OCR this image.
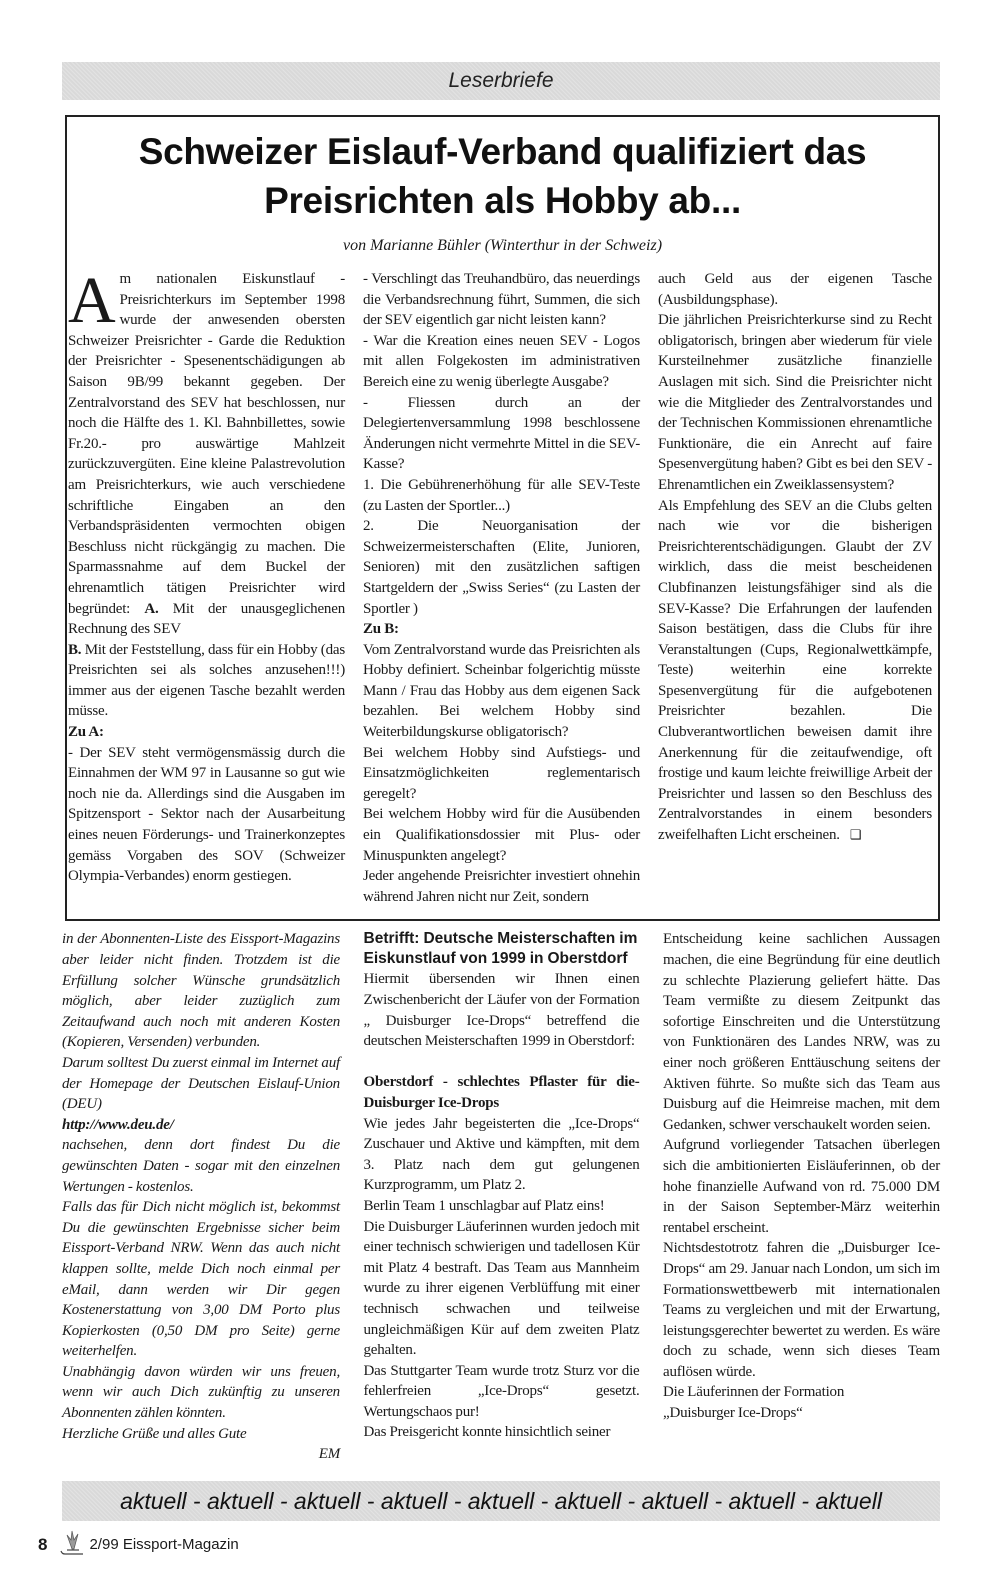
Leserbriefe
Schweizer Eislauf-Verband qualifiziert das
Preisrichten als Hobby ab...
von Marianne Bühler (Winterthur in der Schweiz)

Am nationalen Eiskunstlauf - Preisrichterkurs im September 1998 wurde der anwesenden obersten Schweizer Preisrichter - Garde die Reduktion der Preisrichter - Spesenentschädigungen ab Saison 9B/99 bekannt gegeben. Der Zentralvorstand des SEV hat beschlossen, nur noch die Hälfte des 1. Kl. Bahnbillettes, sowie Fr.20.- pro auswärtige Mahlzeit zurückzuvergüten. Eine kleine Palastrevolution am Preisrichterkurs, wie auch verschiedene schriftliche Eingaben an den Verbandspräsidenten vermochten obigen Beschluss nicht rückgängig zu machen. Die Sparmassnahme auf dem Buckel der ehrenamtlich tätigen Preisrichter wird begründet: A. Mit der unausgeglichenen Rechnung des SEV

B. Mit der Feststellung, dass für ein Hobby (das Preisrichten sei als solches anzusehen!!!) immer aus der eigenen Tasche bezahlt werden müsse.

Zu A:

- Der SEV steht vermögensmässig durch die Einnahmen der WM 97 in Lausanne so gut wie noch nie da. Allerdings sind die Ausgaben im Spitzensport - Sektor nach der Ausarbeitung eines neuen Förderungs- und Trainerkonzeptes gemäss Vorgaben des SOV (Schweizer Olympia-Verbandes) enorm gestiegen.

- Verschlingt das Treuhandbüro, das neuerdings die Verbandsrechnung führt, Summen, die sich der SEV eigentlich gar nicht leisten kann?

- War die Kreation eines neuen SEV - Logos mit allen Folgekosten im administrativen Bereich eine zu wenig überlegte Ausgabe?

- Fliessen durch an der Delegiertenversammlung 1998 beschlossene Änderungen nicht vermehrte Mittel in die SEV-Kasse?

1. Die Gebührenerhöhung für alle SEV-Teste (zu Lasten der Sportler...)

2. Die Neuorganisation der Schweizermeisterschaften (Elite, Junioren, Senioren) mit den zusätzlichen saftigen Startgeldern der „Swiss Series“ (zu Lasten der Sportler )

Zu B:

Vom Zentralvorstand wurde das Preisrichten als Hobby definiert. Scheinbar folgerichtig müsste Mann / Frau das Hobby aus dem eigenen Sack bezahlen. Bei welchem Hobby sind Weiterbildungskurse obligatorisch?

Bei welchem Hobby sind Aufstiegs- und Einsatzmöglichkeiten reglementarisch geregelt?

Bei welchem Hobby wird für die Ausübenden ein Qualifikationsdossier mit Plus- oder Minuspunkten angelegt?

Jeder angehende Preisrichter investiert ohnehin während Jahren nicht nur Zeit, sondern

auch Geld aus der eigenen Tasche (Ausbildungsphase).

Die jährlichen Preisrichterkurse sind zu Recht obligatorisch, bringen aber wiederum für viele Kursteilnehmer zusätzliche finanzielle Auslagen mit sich. Sind die Preisrichter nicht wie die Mitglieder des Zentralvorstandes und der Technischen Kommissionen ehrenamtliche Funktionäre, die ein Anrecht auf faire Spesenvergütung haben? Gibt es bei den SEV - Ehrenamtlichen ein Zweiklassensystem?

Als Empfehlung des SEV an die Clubs gelten nach wie vor die bisherigen Preisrichterentschädigungen. Glaubt der ZV wirklich, dass die meist bescheidenen Clubfinanzen leistungsfähiger sind als die SEV-Kasse? Die Erfahrungen der laufenden Saison bestätigen, dass die Clubs für ihre Veranstaltungen (Cups, Regionalwettkämpfe, Teste) weiterhin eine korrekte Spesenvergütung für die aufgebotenen Preisrichter bezahlen. Die Clubverantwortlichen beweisen damit ihre Anerkennung für die zeitaufwendige, oft frostige und kaum leichte freiwillige Arbeit der Preisrichter und lassen so den Beschluss des Zentralvorstandes in einem besonders zweifelhaften Licht erscheinen. ❑

in der Abonnenten-Liste des Eissport-Magazins aber leider nicht finden. Trotzdem ist die Erfüllung solcher Wünsche grundsätzlich möglich, aber leider zuzüglich zum Zeitaufwand auch noch mit anderen Kosten (Kopieren, Versenden) verbunden.

Darum solltest Du zuerst einmal im Internet auf der Homepage der Deutschen Eislauf-Union (DEU)

http://www.deu.de/

nachsehen, denn dort findest Du die gewünschten Daten - sogar mit den einzelnen Wertungen - kostenlos.

Falls das für Dich nicht möglich ist, bekommst Du die gewünschten Ergebnisse sicher beim Eissport-Verband NRW. Wenn das auch nicht klappen sollte, melde Dich noch einmal per eMail, dann werden wir Dir gegen Kostenerstattung von 3,00 DM Porto plus Kopierkosten (0,50 DM pro Seite) gerne weiterhelfen.

Unabhängig davon würden wir uns freuen, wenn wir auch Dich zukünftig zu unseren Abonnenten zählen könnten.

Herzliche Grüße und alles Gute

EM

Betrifft: Deutsche Meisterschaften im Eiskunstlauf von 1999 in Oberstdorf

Hiermit übersenden wir Ihnen einen Zwischenbericht der Läufer von der Formation „ Duisburger Ice-Drops“ betreffend die deutschen Meisterschaften 1999 in Oberstdorf:

Oberstdorf - schlechtes Pflaster für die- Duisburger Ice-Drops

Wie jedes Jahr begeisterten die „Ice-Drops“ Zuschauer und Aktive und kämpften, mit dem 3. Platz nach dem gut gelungenen Kurzprogramm, um Platz 2.

Berlin Team 1 unschlagbar auf Platz eins!

Die Duisburger Läuferinnen wurden jedoch mit einer technisch schwierigen und tadellosen Kür mit Platz 4 bestraft. Das Team aus Mannheim wurde zu ihrer eigenen Verblüffung mit einer technisch schwachen und teilweise ungleichmäßigen Kür auf dem zweiten Platz gehalten.

Das Stuttgarter Team wurde trotz Sturz vor die fehlerfreien „Ice-Drops“ gesetzt. Wertungschaos pur!

Das Preisgericht konnte hinsichtlich seiner

Entscheidung keine sachlichen Aussagen machen, die eine Begründung für eine deutlich zu schlechte Plazierung geliefert hätte. Das Team vermißte zu diesem Zeitpunkt das sofortige Einschreiten und die Unterstützung von Funktionären des Landes NRW, was zu einer noch größeren Enttäuschung seitens der Aktiven führte. So mußte sich das Team aus Duisburg auf die Heimreise machen, mit dem Gedanken, schwer verschaukelt worden seien.

Aufgrund vorliegender Tatsachen überlegen sich die ambitionierten Eisläuferinnen, ob der hohe finanzielle Aufwand von rd. 75.000 DM in der Saison September-März weiterhin rentabel erscheint.

Nichtsdestotrotz fahren die „Duisburger Ice-Drops“ am 29. Januar nach London, um sich im Formationswettbewerb mit internationalen Teams zu vergleichen und mit der Erwartung, leistungsgerechter bewertet zu werden. Es wäre doch zu schade, wenn sich dieses Team auflösen würde.

Die Läuferinnen der Formation

„Duisburger Ice-Drops“

aktuell - aktuell - aktuell - aktuell - aktuell - aktuell - aktuell - aktuell - aktuell
8	2/99 Eissport-Magazin
